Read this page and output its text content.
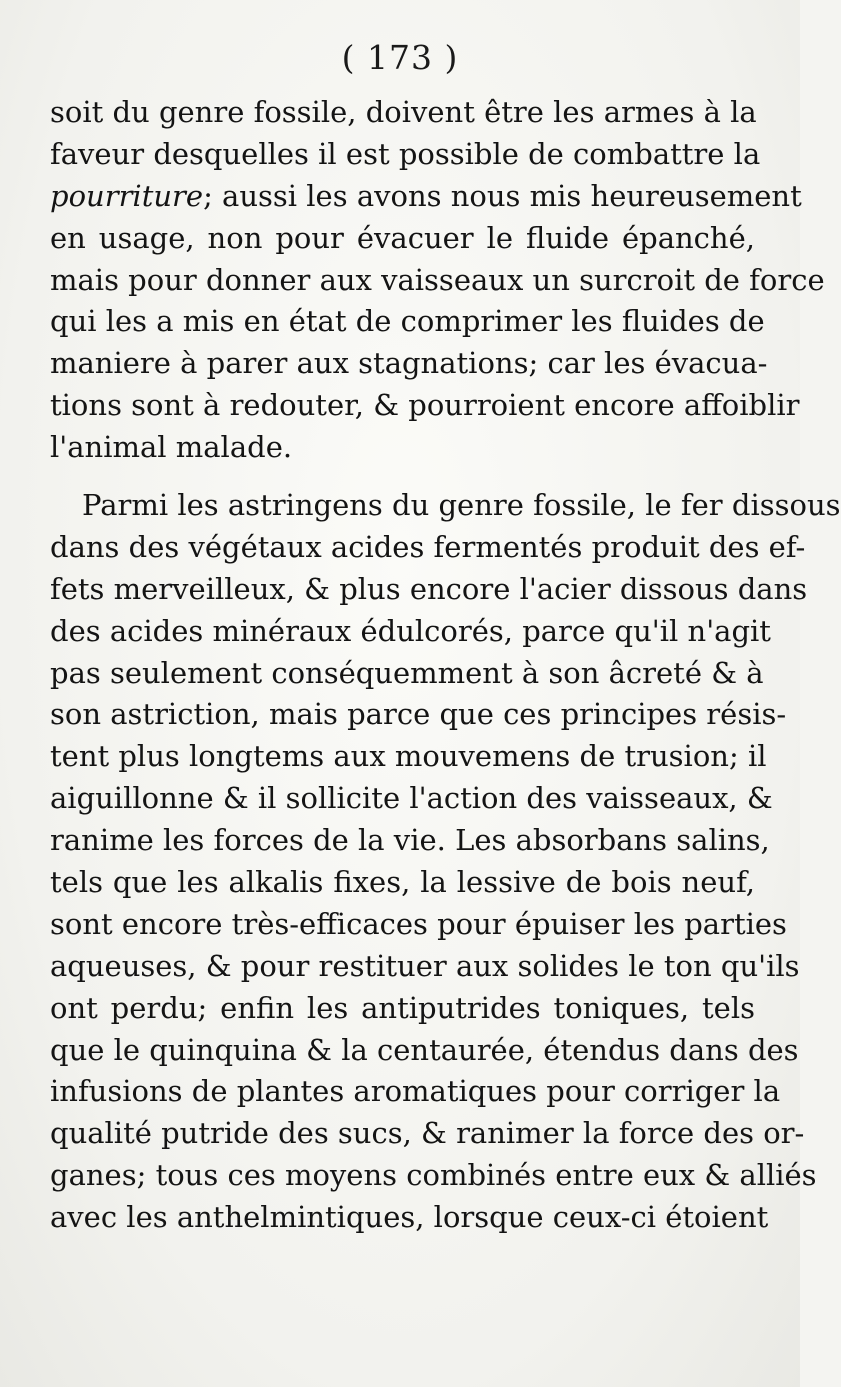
( 173 )
soit du genre fossile, doivent être les armes à la
faveur desquelles il est possible de combattre la
pourriture; aussi les avons nous mis heureusement
en usage, non pour évacuer le fluide épanché,
mais pour donner aux vaisseaux un surcroit de force
qui les a mis en état de comprimer les fluides de
maniere à parer aux stagnations; car les évacua-
tions sont à redouter, & pourroient encore affoiblir
l'animal malade.
Parmi les astringens du genre fossile, le fer dissous
dans des végétaux acides fermentés produit des ef-
fets merveilleux, & plus encore l'acier dissous dans
des acides minéraux édulcorés, parce qu'il n'agit
pas seulement conséquemment à son âcreté & à
son astriction, mais parce que ces principes résis-
tent plus longtems aux mouvemens de trusion; il
aiguillonne & il sollicite l'action des vaisseaux, &
ranime les forces de la vie. Les absorbans salins,
tels que les alkalis fixes, la lessive de bois neuf,
sont encore très-efficaces pour épuiser les parties
aqueuses, & pour restituer aux solides le ton qu'ils
ont perdu; enfin les antiputrides toniques, tels
que le quinquina & la centaurée, étendus dans des
infusions de plantes aromatiques pour corriger la
qualité putride des sucs, & ranimer la force des or-
ganes; tous ces moyens combinés entre eux & alliés
avec les anthelmintiques, lorsque ceux-ci étoient
